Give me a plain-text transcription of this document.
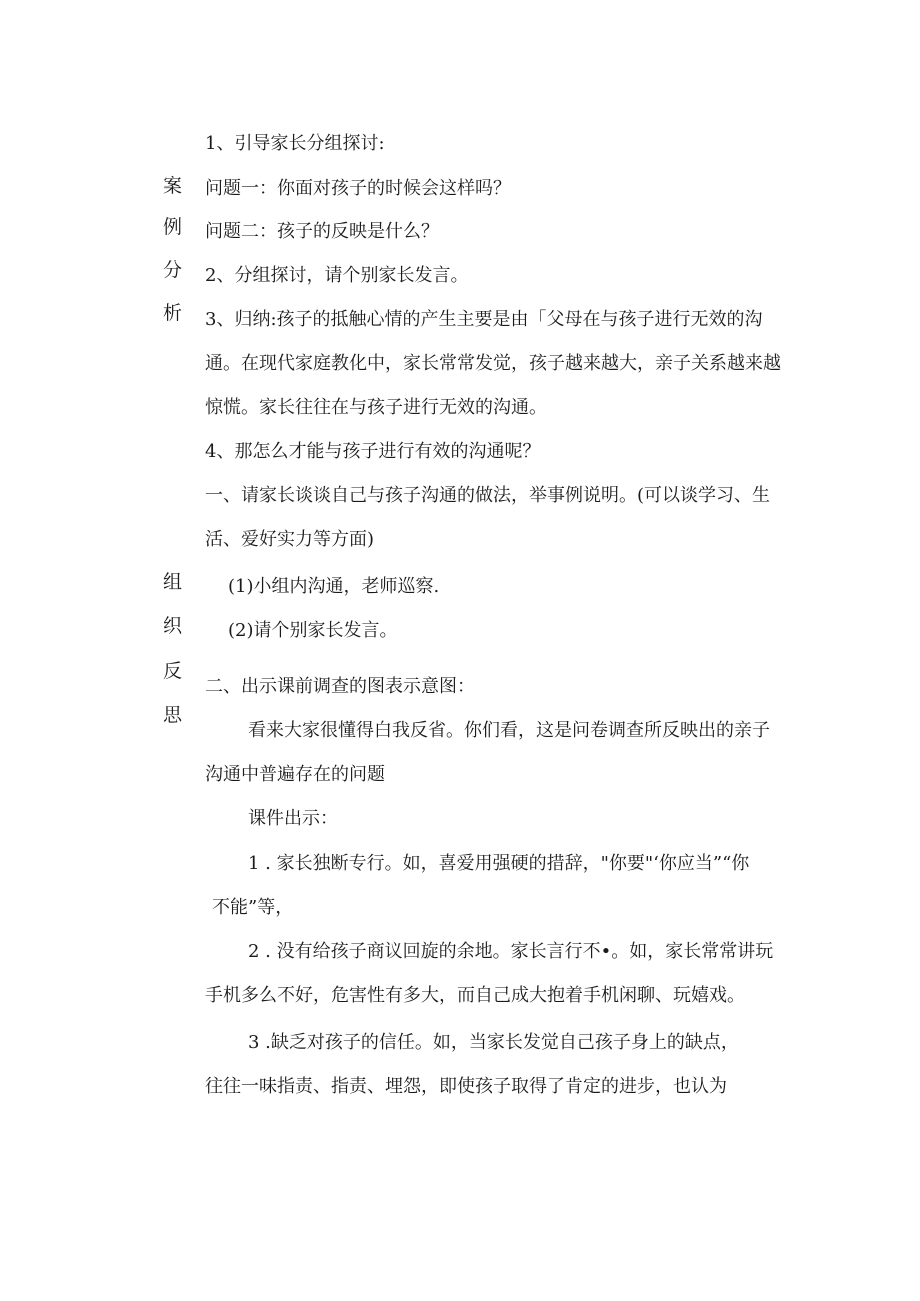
案
例
分
析
组
织
反
思
1、引导家长分组探讨:
问题一：你面对孩子的时候会这样吗？
问题二：孩子的反映是什么？
2、分组探讨，请个别家长发言。
3、归纳:孩子的抵触心情的产生主要是由「父母在与孩子进行无效的沟
通。在现代家庭教化中，家长常常发觉，孩子越来越大，亲子关系越来越
惊慌。家长往往在与孩子进行无效的沟通。
4、那怎么才能与孩子进行有效的沟通呢？
一、请家长谈谈自己与孩子沟通的做法，举事例说明。(可以谈学习、生
活、爱好实力等方面)
(1)小组内沟通，老师巡察.
(2)请个别家长发言。
二、出示课前调查的图表示意图：
看来大家很懂得白我反省。你们看，这是问卷调查所反映出的亲子
沟通中普遍存在的问题
课件出示：
1 . 家长独断专行。如，喜爱用强硬的措辞，"你要"‘你应当”“你
不能”等，
2 . 没有给孩子商议回旋的余地。家长言行不•。如，家长常常讲玩
手机多么不好，危害性有多大，而自己成大抱着手机闲聊、玩嬉戏。
3 .缺乏对孩子的信任。如，当家长发觉自己孩子身上的缺点，
往往一味指责、指责、埋怨，即使孩子取得了肯定的进步，也认为
